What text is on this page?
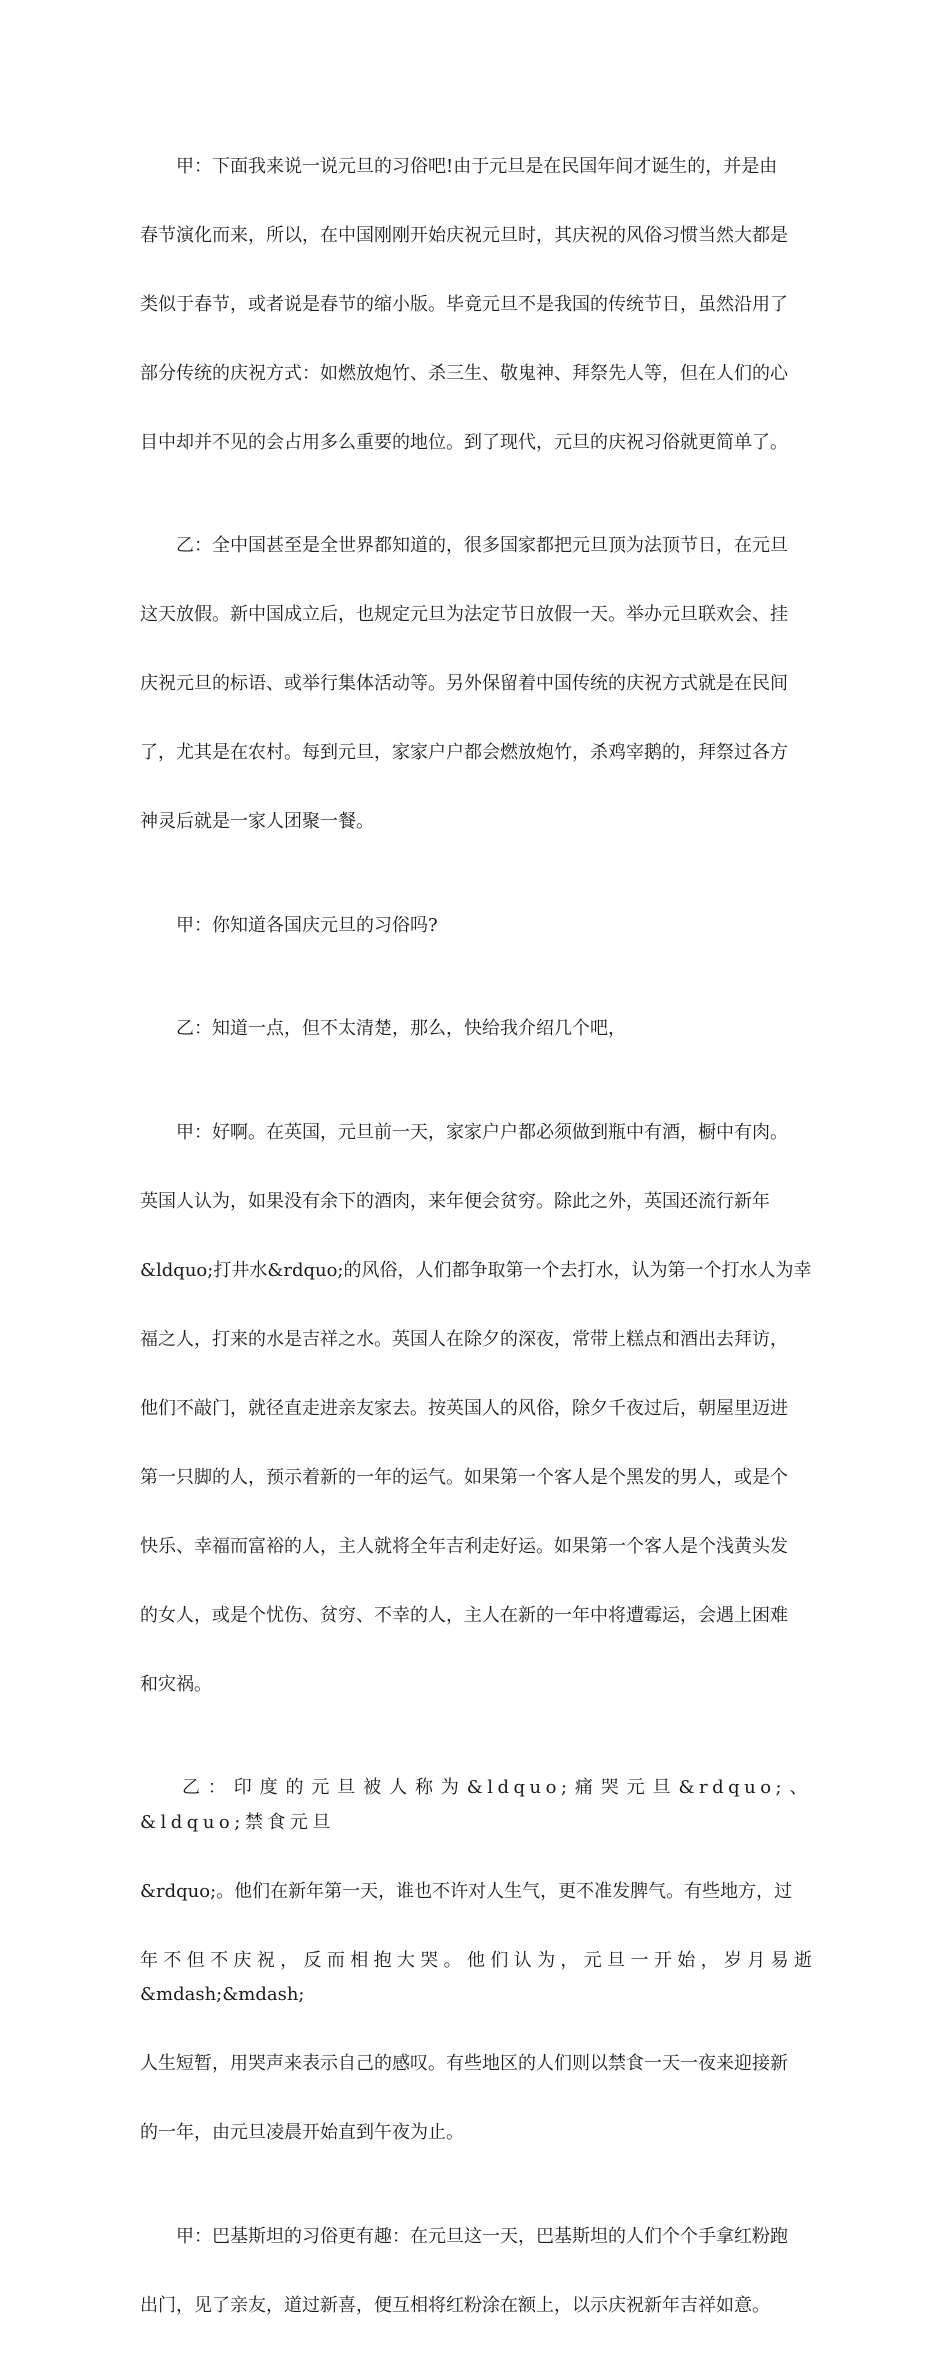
甲：下面我来说一说元旦的习俗吧!由于元旦是在民国年间才诞生的，并是由

春节演化而来，所以，在中国刚刚开始庆祝元旦时，其庆祝的风俗习惯当然大都是

类似于春节，或者说是春节的缩小版。毕竟元旦不是我国的传统节日，虽然沿用了

部分传统的庆祝方式：如燃放炮竹、杀三生、敬鬼神、拜祭先人等，但在人们的心

目中却并不见的会占用多么重要的地位。到了现代，元旦的庆祝习俗就更简单了。

乙：全中国甚至是全世界都知道的，很多国家都把元旦顶为法顶节日，在元旦

这天放假。新中国成立后，也规定元旦为法定节日放假一天。举办元旦联欢会、挂

庆祝元旦的标语、或举行集体活动等。另外保留着中国传统的庆祝方式就是在民间

了，尤其是在农村。每到元旦，家家户户都会燃放炮竹，杀鸡宰鹅的，拜祭过各方

神灵后就是一家人团聚一餐。

甲：你知道各国庆元旦的习俗吗?

乙：知道一点，但不太清楚，那么，快给我介绍几个吧，

甲：好啊。在英国，元旦前一天，家家户户都必须做到瓶中有酒，橱中有肉。

英国人认为，如果没有余下的酒肉，来年便会贫穷。除此之外，英国还流行新年

&ldquo;打井水&rdquo;的风俗，人们都争取第一个去打水，认为第一个打水人为幸

福之人，打来的水是吉祥之水。英国人在除夕的深夜，常带上糕点和酒出去拜访，

他们不敲门，就径直走进亲友家去。按英国人的风俗，除夕千夜过后，朝屋里迈进

第一只脚的人，预示着新的一年的运气。如果第一个客人是个黑发的男人，或是个

快乐、幸福而富裕的人，主人就将全年吉利走好运。如果第一个客人是个浅黄头发

的女人，或是个忧伤、贫穷、不幸的人，主人在新的一年中将遭霉运，会遇上困难

和灾祸。

乙：印度的元旦被人称为&ldquo;痛哭元旦&rdquo;、&ldquo;禁食元旦

&rdquo;。他们在新年第一天，谁也不许对人生气，更不准发脾气。有些地方，过

年不但不庆祝，反而相抱大哭。他们认为，元旦一开始，岁月易逝&mdash;&mdash;

人生短暂，用哭声来表示自己的感叹。有些地区的人们则以禁食一天一夜来迎接新

的一年，由元旦凌晨开始直到午夜为止。

甲：巴基斯坦的习俗更有趣：在元旦这一天，巴基斯坦的人们个个手拿红粉跑

出门，见了亲友，道过新喜，便互相将红粉涂在额上，以示庆祝新年吉祥如意。
